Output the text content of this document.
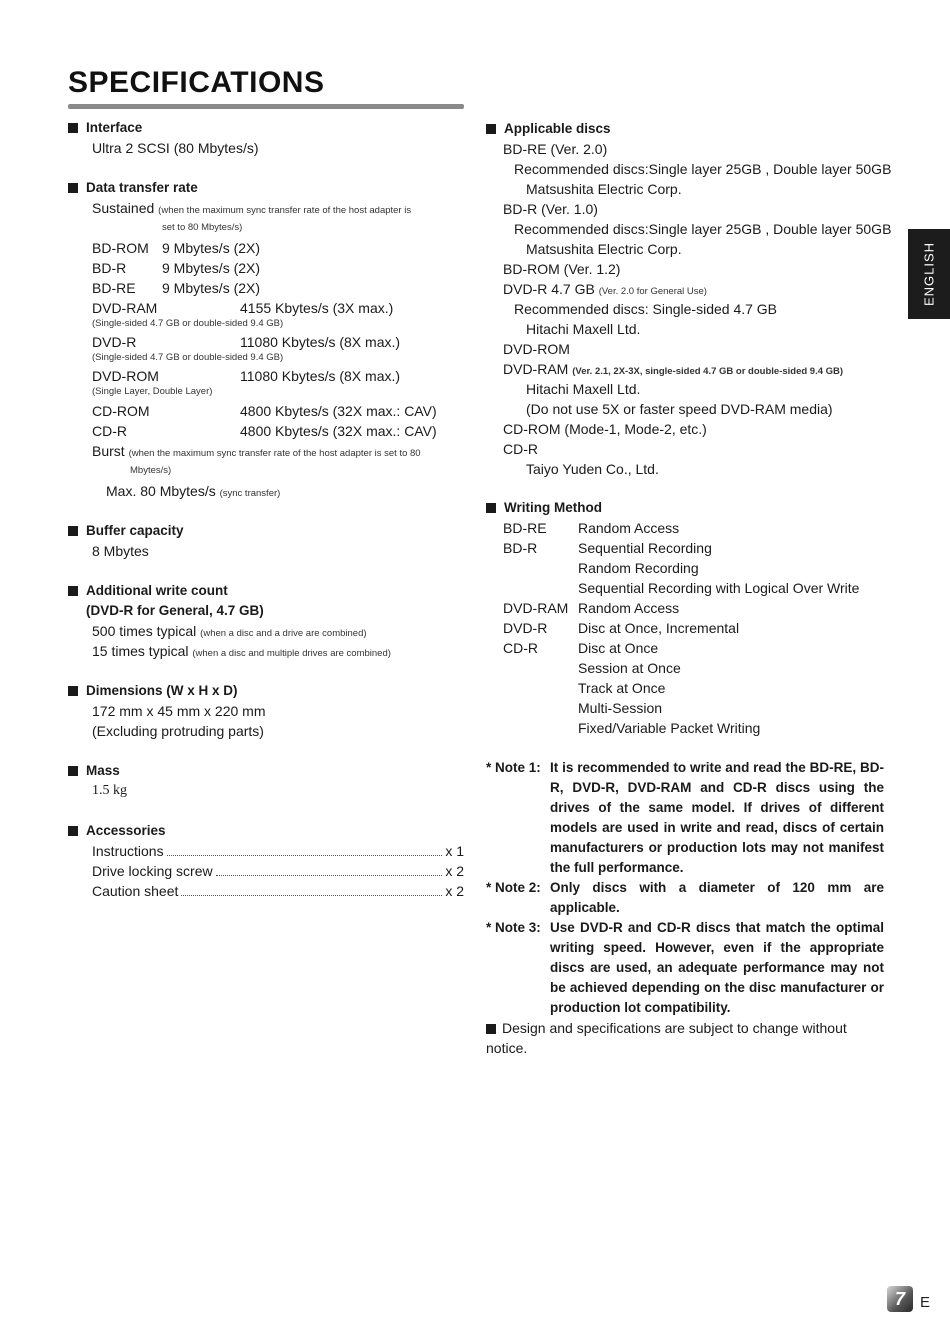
SPECIFICATIONS
ENGLISH
7	E
Interface
Ultra 2 SCSI (80 Mbytes/s)
Data transfer rate
Sustained (when the maximum sync transfer rate of the host adapter is
set to 80 Mbytes/s)
BD-ROM 9 Mbytes/s (2X)
BD-R	9 Mbytes/s (2X)
BD-RE 9 Mbytes/s (2X)
DVD-RAM	4155 Kbytes/s (3X max.)
(Single-sided 4.7 GB or double-sided 9.4 GB)
DVD-R	11080 Kbytes/s (8X max.)
(Single-sided 4.7 GB or double-sided 9.4 GB)
DVD-ROM	11080 Kbytes/s (8X max.)
(Single Layer, Double Layer)
CD-ROM	4800 Kbytes/s (32X max.: CAV)
CD-R	4800 Kbytes/s (32X max.: CAV)
Burst (when the maximum sync transfer rate of the host adapter is set to 80
Mbytes/s)
Max. 80 Mbytes/s (sync transfer)
Buffer capacity
8 Mbytes
Additional write count
(DVD-R for General, 4.7 GB)
500 times typical (when a disc and a drive are combined)
15 times typical (when a disc and multiple drives are combined)
Dimensions (W x H x D)
172 mm x 45 mm x 220 mm
(Excluding protruding parts)
Mass
1.5 kg
Accessories
Instructions	x 1
Drive locking screw	x 2
Caution sheet	x 2
Applicable discs
BD-RE (Ver. 2.0)
Recommended discs:Single layer 25GB , Double layer 50GB
Matsushita Electric Corp.
BD-R (Ver. 1.0)
Recommended discs:Single layer 25GB , Double layer 50GB
Matsushita Electric Corp.
BD-ROM (Ver. 1.2)
DVD-R 4.7 GB (Ver. 2.0 for General Use)
Recommended discs: Single-sided 4.7 GB
Hitachi Maxell Ltd.
DVD-ROM
DVD-RAM (Ver. 2.1, 2X-3X, single-sided 4.7 GB or double-sided 9.4 GB)
Hitachi Maxell Ltd.
(Do not use 5X or faster speed DVD-RAM media)
CD-ROM (Mode-1, Mode-2, etc.)
CD-R
Taiyo Yuden Co., Ltd.
Writing Method
BD-RE Random Access
BD-R	Sequential Recording
Random Recording
Sequential Recording with Logical Over Write
DVD-RAM Random Access
DVD-R Disc at Once, Incremental
CD-R	Disc at Once
Session at Once
Track at Once
Multi-Session
Fixed/Variable Packet Writing
* Note 1: It is recommended to write and read the BD-RE, BD-R, DVD-R, DVD-RAM and CD-R discs using the drives of the same model. If drives of different models are used in write and read, discs of certain manufacturers or production lots may not manifest the full performance.
* Note 2: Only discs with a diameter of 120 mm are applicable.
* Note 3: Use DVD-R and CD-R discs that match the optimal writing speed. However, even if the appropriate discs are used, an adequate performance may not be achieved depending on the disc manufacturer or production lot compatibility.
Design and specifications are subject to change without notice.
